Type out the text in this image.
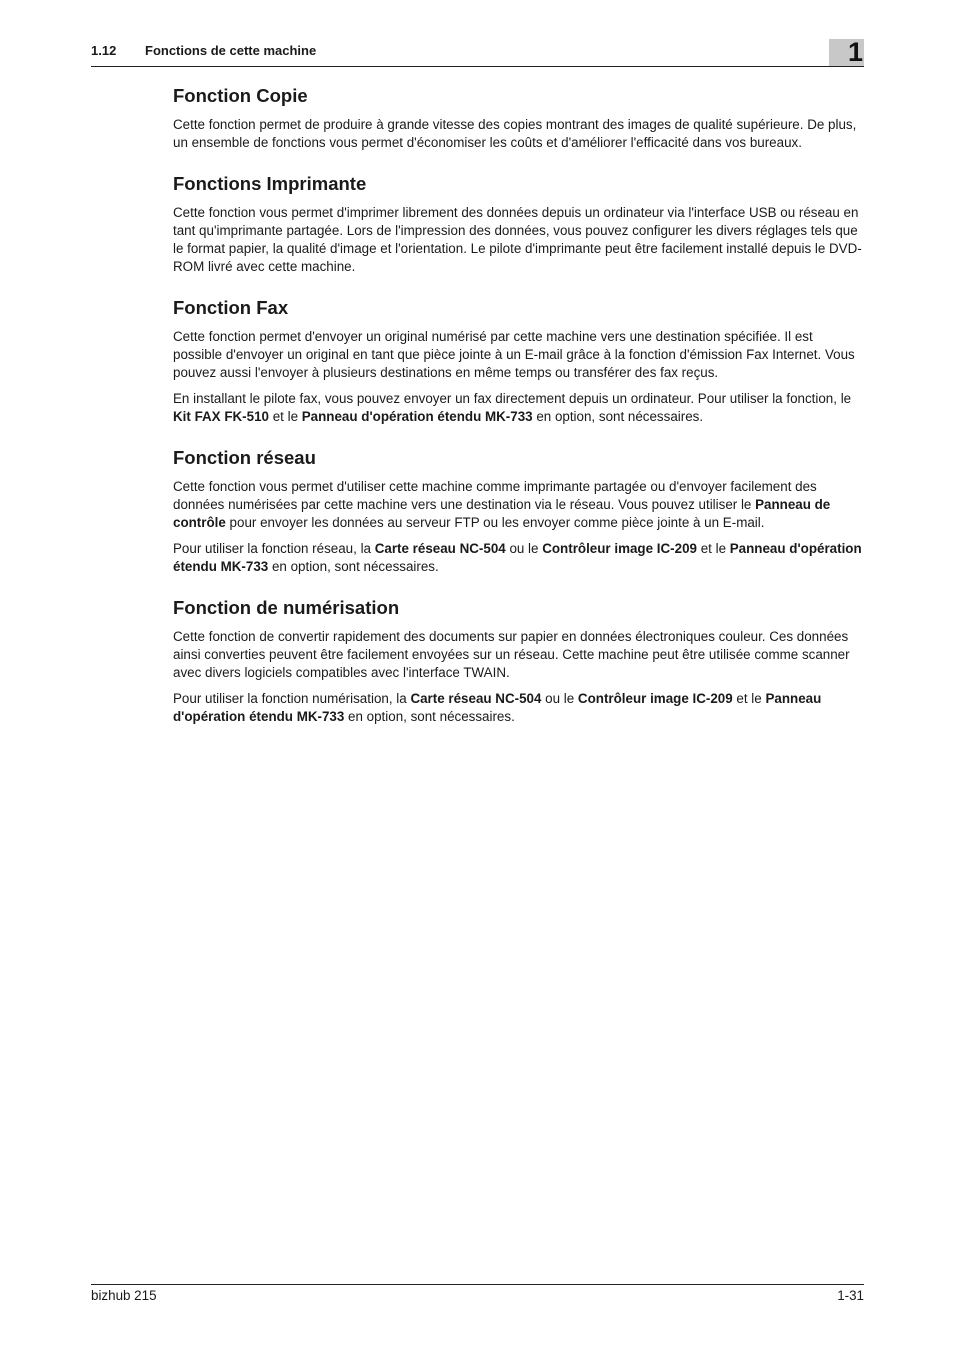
1.12 Fonctions de cette machine	1
Fonction Copie

Cette fonction permet de produire à grande vitesse des copies montrant des images de qualité supérieure. De plus, un ensemble de fonctions vous permet d'économiser les coûts et d'améliorer l'efficacité dans vos bureaux.

Fonctions Imprimante

Cette fonction vous permet d'imprimer librement des données depuis un ordinateur via l'interface USB ou réseau en tant qu'imprimante partagée. Lors de l'impression des données, vous pouvez configurer les divers réglages tels que le format papier, la qualité d'image et l'orientation. Le pilote d'imprimante peut être facilement installé depuis le DVD-ROM livré avec cette machine.

Fonction Fax

Cette fonction permet d'envoyer un original numérisé par cette machine vers une destination spécifiée. Il est possible d'envoyer un original en tant que pièce jointe à un E-mail grâce à la fonction d'émission Fax Internet. Vous pouvez aussi l'envoyer à plusieurs destinations en même temps ou transférer des fax reçus.

En installant le pilote fax, vous pouvez envoyer un fax directement depuis un ordinateur. Pour utiliser la fonction, le Kit FAX FK-510 et le Panneau d'opération étendu MK-733 en option, sont nécessaires.

Fonction réseau

Cette fonction vous permet d'utiliser cette machine comme imprimante partagée ou d'envoyer facilement des données numérisées par cette machine vers une destination via le réseau. Vous pouvez utiliser le Panneau de contrôle pour envoyer les données au serveur FTP ou les envoyer comme pièce jointe à un E-mail.

Pour utiliser la fonction réseau, la Carte réseau NC-504 ou le Contrôleur image IC-209 et le Panneau d'opération étendu MK-733 en option, sont nécessaires.

Fonction de numérisation

Cette fonction de convertir rapidement des documents sur papier en données électroniques couleur. Ces données ainsi converties peuvent être facilement envoyées sur un réseau. Cette machine peut être utilisée comme scanner avec divers logiciels compatibles avec l'interface TWAIN.

Pour utiliser la fonction numérisation, la Carte réseau NC-504 ou le Contrôleur image IC-209 et le Panneau d'opération étendu MK-733 en option, sont nécessaires.

bizhub 215	1-31
